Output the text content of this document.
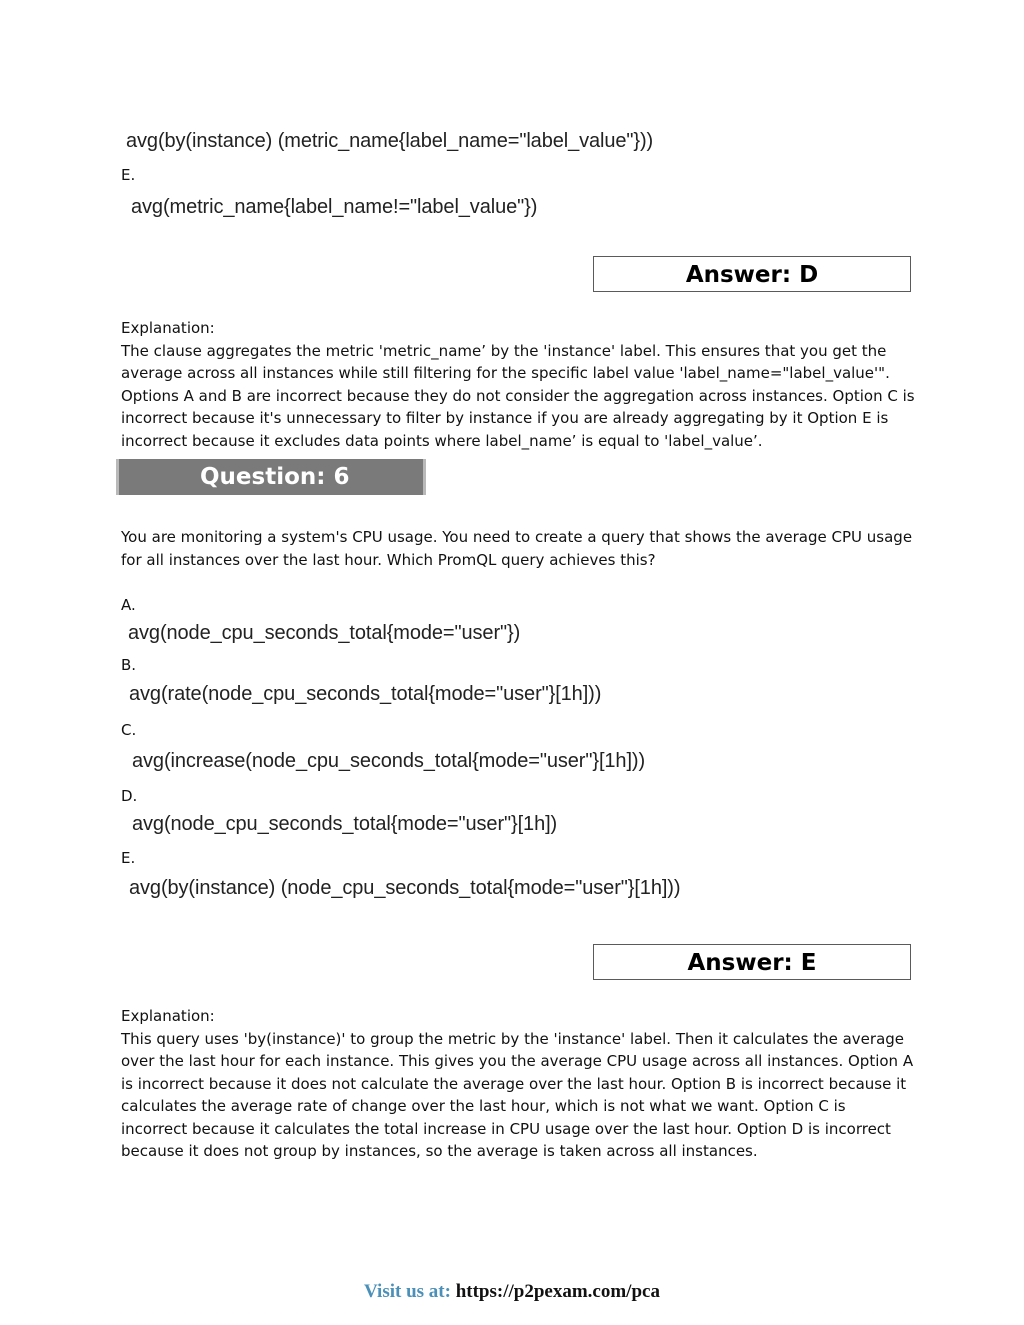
avg(by(instance) (metric_name{label_name="label_value"}))
E.
avg(metric_name{label_name!="label_value"})
Answer: D
Explanation:
The clause aggregates the metric 'metric_name’ by the 'instance' label. This ensures that you get the
average across all instances while still filtering for the specific label value 'label_name="label_value'".
Options A and B are incorrect because they do not consider the aggregation across instances. Option C is
incorrect because it's unnecessary to filter by instance if you are already aggregating by it Option E is
incorrect because it excludes data points where label_name’ is equal to 'label_value’.
Question: 6
You are monitoring a system's CPU usage. You need to create a query that shows the average CPU usage
for all instances over the last hour. Which PromQL query achieves this?
A.
avg(node_cpu_seconds_total{mode="user"})
B.
avg(rate(node_cpu_seconds_total{mode="user"}[1h]))
C.
avg(increase(node_cpu_seconds_total{mode="user"}[1h]))
D.
avg(node_cpu_seconds_total{mode="user"}[1h])
E.
avg(by(instance) (node_cpu_seconds_total{mode="user"}[1h]))
Answer: E
Explanation:
This query uses 'by(instance)' to group the metric by the 'instance' label. Then it calculates the average
over the last hour for each instance. This gives you the average CPU usage across all instances. Option A
is incorrect because it does not calculate the average over the last hour. Option B is incorrect because it
calculates the average rate of change over the last hour, which is not what we want. Option C is
incorrect because it calculates the total increase in CPU usage over the last hour. Option D is incorrect
because it does not group by instances, so the average is taken across all instances.
Visit us at: https://p2pexam.com/pca
